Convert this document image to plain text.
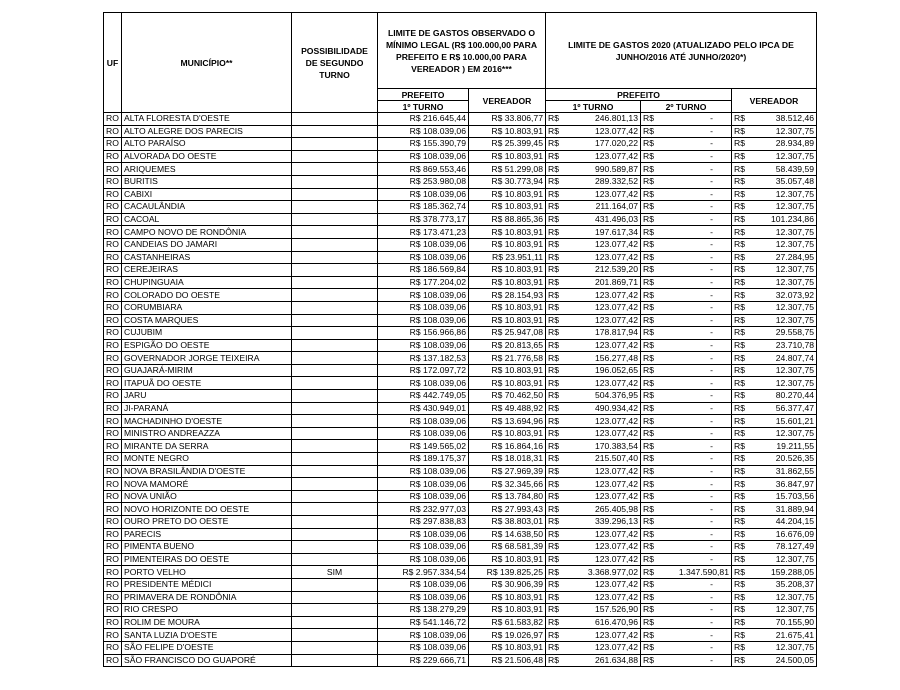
UF	MUNICÍPIO**	POSSIBILIDADE DE SEGUNDO TURNO	LIMITE DE GASTOS OBSERVADO O MÍNIMO LEGAL (R$ 100.000,00 PARA PREFEITO E R$ 10.000,00 PARA VEREADOR ) EM 2016***		LIMITE DE GASTOS 2020 (ATUALIZADO PELO IPCA DE JUNHO/2016 ATÉ JUNHO/2020*)		
			PREFEITO	VEREADOR	PREFEITO		VEREADOR
			1º TURNO		1º TURNO	2º TURNO	
RO	ALTA FLORESTA D'OESTE		R$ 216.645,44	R$ 33.806,77	R$ 246.801,13	R$ -	R$ 38.512,46

RO	ALTO ALEGRE DOS PARECIS		R$ 108.039,06	R$ 10.803,91	R$ 123.077,42	R$ -	R$ 12.307,75

RO	ALTO PARAÍSO		R$ 155.390,79	R$ 25.399,45	R$ 177.020,22	R$ -	R$ 28.934,89

RO	ALVORADA DO OESTE		R$ 108.039,06	R$ 10.803,91	R$ 123.077,42	R$ -	R$ 12.307,75

RO	ARIQUEMES		R$ 869.553,46	R$ 51.299,08	R$ 990.589,87	R$ -	R$ 58.439,59

RO	BURITIS		R$ 253.980,08	R$ 30.773,94	R$ 289.332,52	R$ -	R$ 35.057,48

RO	CABIXI		R$ 108.039,06	R$ 10.803,91	R$ 123.077,42	R$ -	R$ 12.307,75

RO	CACAULÂNDIA		R$ 185.362,74	R$ 10.803,91	R$ 211.164,07	R$ -	R$ 12.307,75

RO	CACOAL		R$ 378.773,17	R$ 88.865,36	R$ 431.496,03	R$ -	R$ 101.234,86

RO	CAMPO NOVO DE RONDÔNIA		R$ 173.471,23	R$ 10.803,91	R$ 197.617,34	R$ -	R$ 12.307,75

RO	CANDEIAS DO JAMARI		R$ 108.039,06	R$ 10.803,91	R$ 123.077,42	R$ -	R$ 12.307,75

RO	CASTANHEIRAS		R$ 108.039,06	R$ 23.951,11	R$ 123.077,42	R$ -	R$ 27.284,95

RO	CEREJEIRAS		R$ 186.569,84	R$ 10.803,91	R$ 212.539,20	R$ -	R$ 12.307,75

RO	CHUPINGUAIA		R$ 177.204,02	R$ 10.803,91	R$ 201.869,71	R$ -	R$ 12.307,75

RO	COLORADO DO OESTE		R$ 108.039,06	R$ 28.154,93	R$ 123.077,42	R$ -	R$ 32.073,92

RO	CORUMBIARA		R$ 108.039,06	R$ 10.803,91	R$ 123.077,42	R$ -	R$ 12.307,75

RO	COSTA MARQUES		R$ 108.039,06	R$ 10.803,91	R$ 123.077,42	R$ -	R$ 12.307,75

RO	CUJUBIM		R$ 156.966,86	R$ 25.947,08	R$ 178.817,94	R$ -	R$ 29.558,75

RO	ESPIGÃO DO OESTE		R$ 108.039,06	R$ 20.813,65	R$ 123.077,42	R$ -	R$ 23.710,78

RO	GOVERNADOR JORGE TEIXEIRA		R$ 137.182,53	R$ 21.776,58	R$ 156.277,48	R$ -	R$ 24.807,74

RO	GUAJARÁ-MIRIM		R$ 172.097,72	R$ 10.803,91	R$ 196.052,65	R$ -	R$ 12.307,75

RO	ITAPUÃ DO OESTE		R$ 108.039,06	R$ 10.803,91	R$ 123.077,42	R$ -	R$ 12.307,75

RO	JARU		R$ 442.749,05	R$ 70.462,50	R$ 504.376,95	R$ -	R$ 80.270,44

RO	JI-PARANÁ		R$ 430.949,01	R$ 49.488,92	R$ 490.934,42	R$ -	R$ 56.377,47

RO	MACHADINHO D'OESTE		R$ 108.039,06	R$ 13.694,96	R$ 123.077,42	R$ -	R$ 15.601,21

RO	MINISTRO ANDREAZZA		R$ 108.039,06	R$ 10.803,91	R$ 123.077,42	R$ -	R$ 12.307,75

RO	MIRANTE DA SERRA		R$ 149.565,02	R$ 16.864,16	R$ 170.383,54	R$ -	R$ 19.211,55

RO	MONTE NEGRO		R$ 189.175,37	R$ 18.018,31	R$ 215.507,40	R$ -	R$ 20.526,35

RO	NOVA BRASILÂNDIA D'OESTE		R$ 108.039,06	R$ 27.969,39	R$ 123.077,42	R$ -	R$ 31.862,55

RO	NOVA MAMORÉ		R$ 108.039,06	R$ 32.345,66	R$ 123.077,42	R$ -	R$ 36.847,97

RO	NOVA UNIÃO		R$ 108.039,06	R$ 13.784,80	R$ 123.077,42	R$ -	R$ 15.703,56

RO	NOVO HORIZONTE DO OESTE		R$ 232.977,03	R$ 27.993,43	R$ 265.405,98	R$ -	R$ 31.889,94

RO	OURO PRETO DO OESTE		R$ 297.838,83	R$ 38.803,01	R$ 339.296,13	R$ -	R$ 44.204,15

RO	PARECIS		R$ 108.039,06	R$ 14.638,50	R$ 123.077,42	R$ -	R$ 16.676,09

RO	PIMENTA BUENO		R$ 108.039,06	R$ 68.581,39	R$ 123.077,42	R$ -	R$ 78.127,49

RO	PIMENTEIRAS DO OESTE		R$ 108.039,06	R$ 10.803,91	R$ 123.077,42	R$ -	R$ 12.307,75

RO	PORTO VELHO	SIM	R$ 2.957.334,54	R$ 139.825,25	R$ 3.368.977,02	R$ 1.347.590,81	R$ 159.288,05

RO	PRESIDENTE MÉDICI		R$ 108.039,06	R$ 30.906,39	R$ 123.077,42	R$ -	R$ 35.208,37

RO	PRIMAVERA DE RONDÔNIA		R$ 108.039,06	R$ 10.803,91	R$ 123.077,42	R$ -	R$ 12.307,75

RO	RIO CRESPO		R$ 138.279,29	R$ 10.803,91	R$ 157.526,90	R$ -	R$ 12.307,75

RO	ROLIM DE MOURA		R$ 541.146,72	R$ 61.583,82	R$ 616.470,96	R$ -	R$ 70.155,90

RO	SANTA LUZIA D'OESTE		R$ 108.039,06	R$ 19.026,97	R$ 123.077,42	R$ -	R$ 21.675,41

RO	SÃO FELIPE D'OESTE		R$ 108.039,06	R$ 10.803,91	R$ 123.077,42	R$ -	R$ 12.307,75

RO	SÃO FRANCISCO DO GUAPORÉ		R$ 229.666,71	R$ 21.506,48	R$ 261.634,88	R$ -	R$ 24.500,05
